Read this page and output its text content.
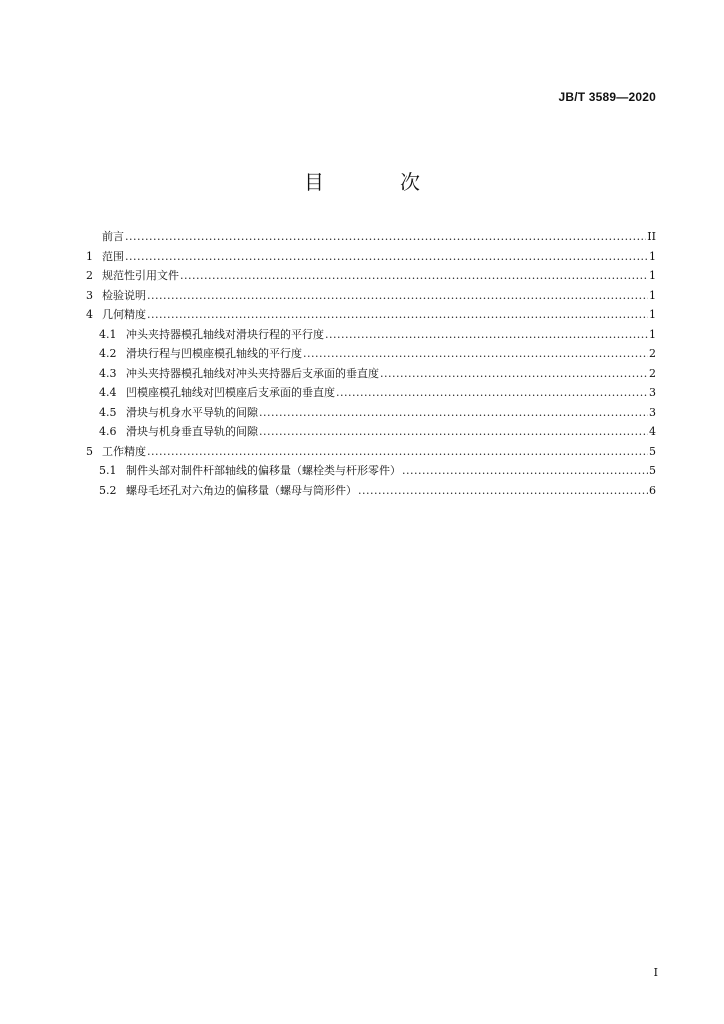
JB/T 3589—2020
目　次
前言 .....	II
1 范围 .....	1
2 规范性引用文件 .....	1
3 检验说明 .....	1
4 几何精度 .....	1
4.1 冲头夹持器模孔轴线对滑块行程的平行度 .....	1
4.2 滑块行程与凹模座模孔轴线的平行度 .....	2
4.3 冲头夹持器模孔轴线对冲头夹持器后支承面的垂直度 .....	2
4.4 凹模座模孔轴线对凹模座后支承面的垂直度 .....	3
4.5 滑块与机身水平导轨的间隙 .....	3
4.6 滑块与机身垂直导轨的间隙 .....	4
5 工作精度 .....	5
5.1 制件头部对制件杆部轴线的偏移量（螺栓类与杆形零件） .....	5
5.2 螺母毛坯孔对六角边的偏移量（螺母与筒形件） .....	6
I
